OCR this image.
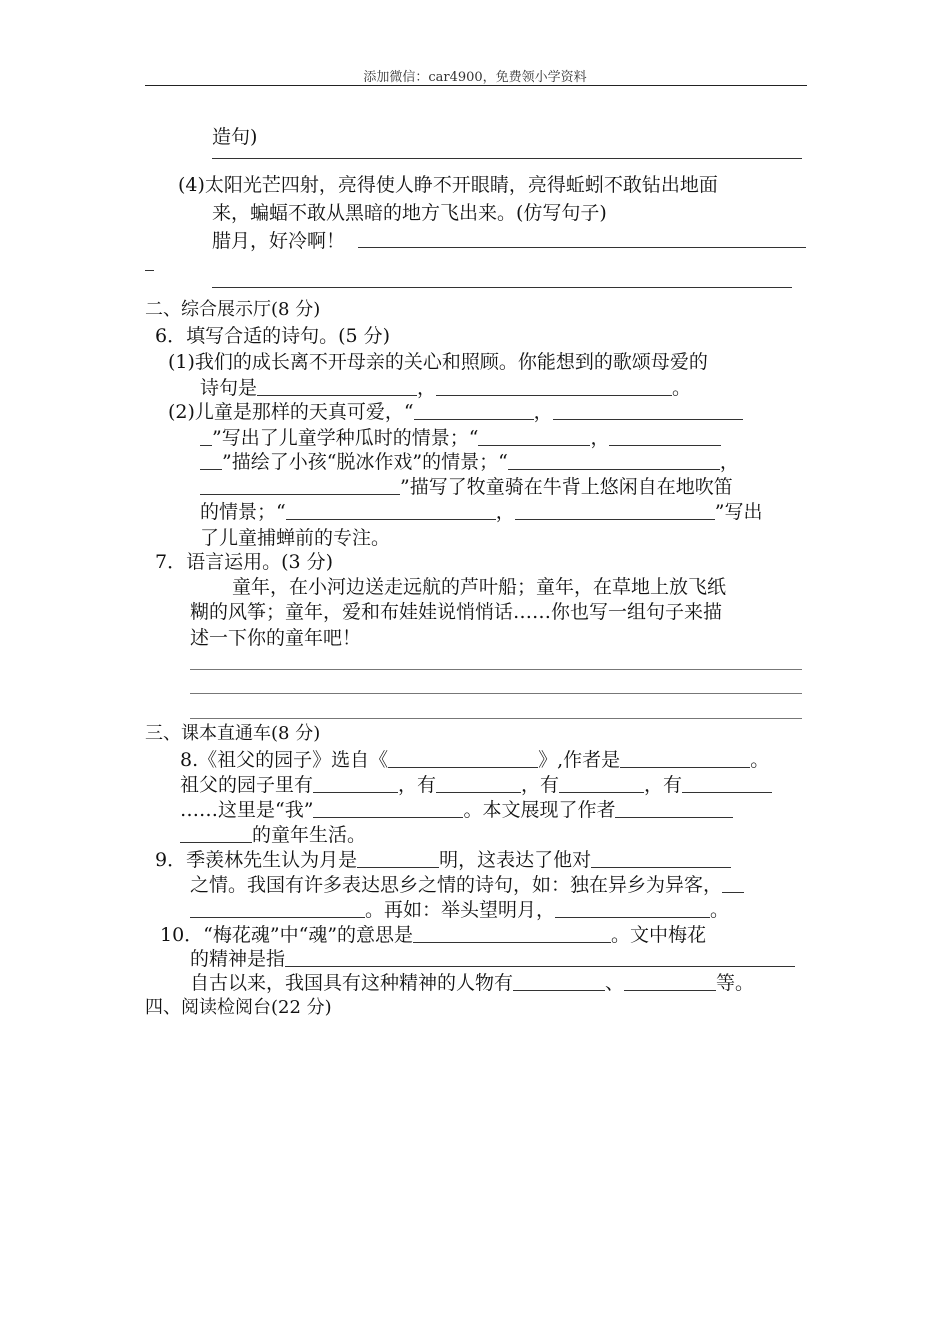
添加微信：car4900，免费领小学资料
造句)
(4)太阳光芒四射，亮得使人睁不开眼睛，亮得蚯蚓不敢钻出地面
来，蝙蝠不敢从黑暗的地方飞出来。(仿写句子)
腊月，好冷啊！
二、综合展示厅(8 分)
6．填写合适的诗句。(5 分)
(1)我们的成长离不开母亲的关心和照顾。你能想到的歌颂母爱的
诗句是	，	。
(2)儿童是那样的天真可爱，“	，
”写出了儿童学种瓜时的情景；“	，
”描绘了小孩“脱冰作戏”的情景；“	，
”描写了牧童骑在牛背上悠闲自在地吹笛
的情景；“	，	”写出
了儿童捕蝉前的专注。
7．语言运用。(3 分)
童年，在小河边送走远航的芦叶船；童年，在草地上放飞纸
糊的风筝；童年，爱和布娃娃说悄悄话……你也写一组句子来描
述一下你的童年吧！
三、课本直通车(8 分)
8.《祖父的园子》选自《	》,作者是	。
祖父的园子里有	，有	，有	，有
……这里是“我”	。本文展现了作者
的童年生活。
9．季羡林先生认为月是	明，这表达了他对
之情。我国有许多表达思乡之情的诗句，如：独在异乡为异客，
。再如：举头望明月，	。
10．“梅花魂”中“魂”的意思是	。文中梅花
的精神是指
自古以来，我国具有这种精神的人物有	、	等。
四、阅读检阅台(22 分)
